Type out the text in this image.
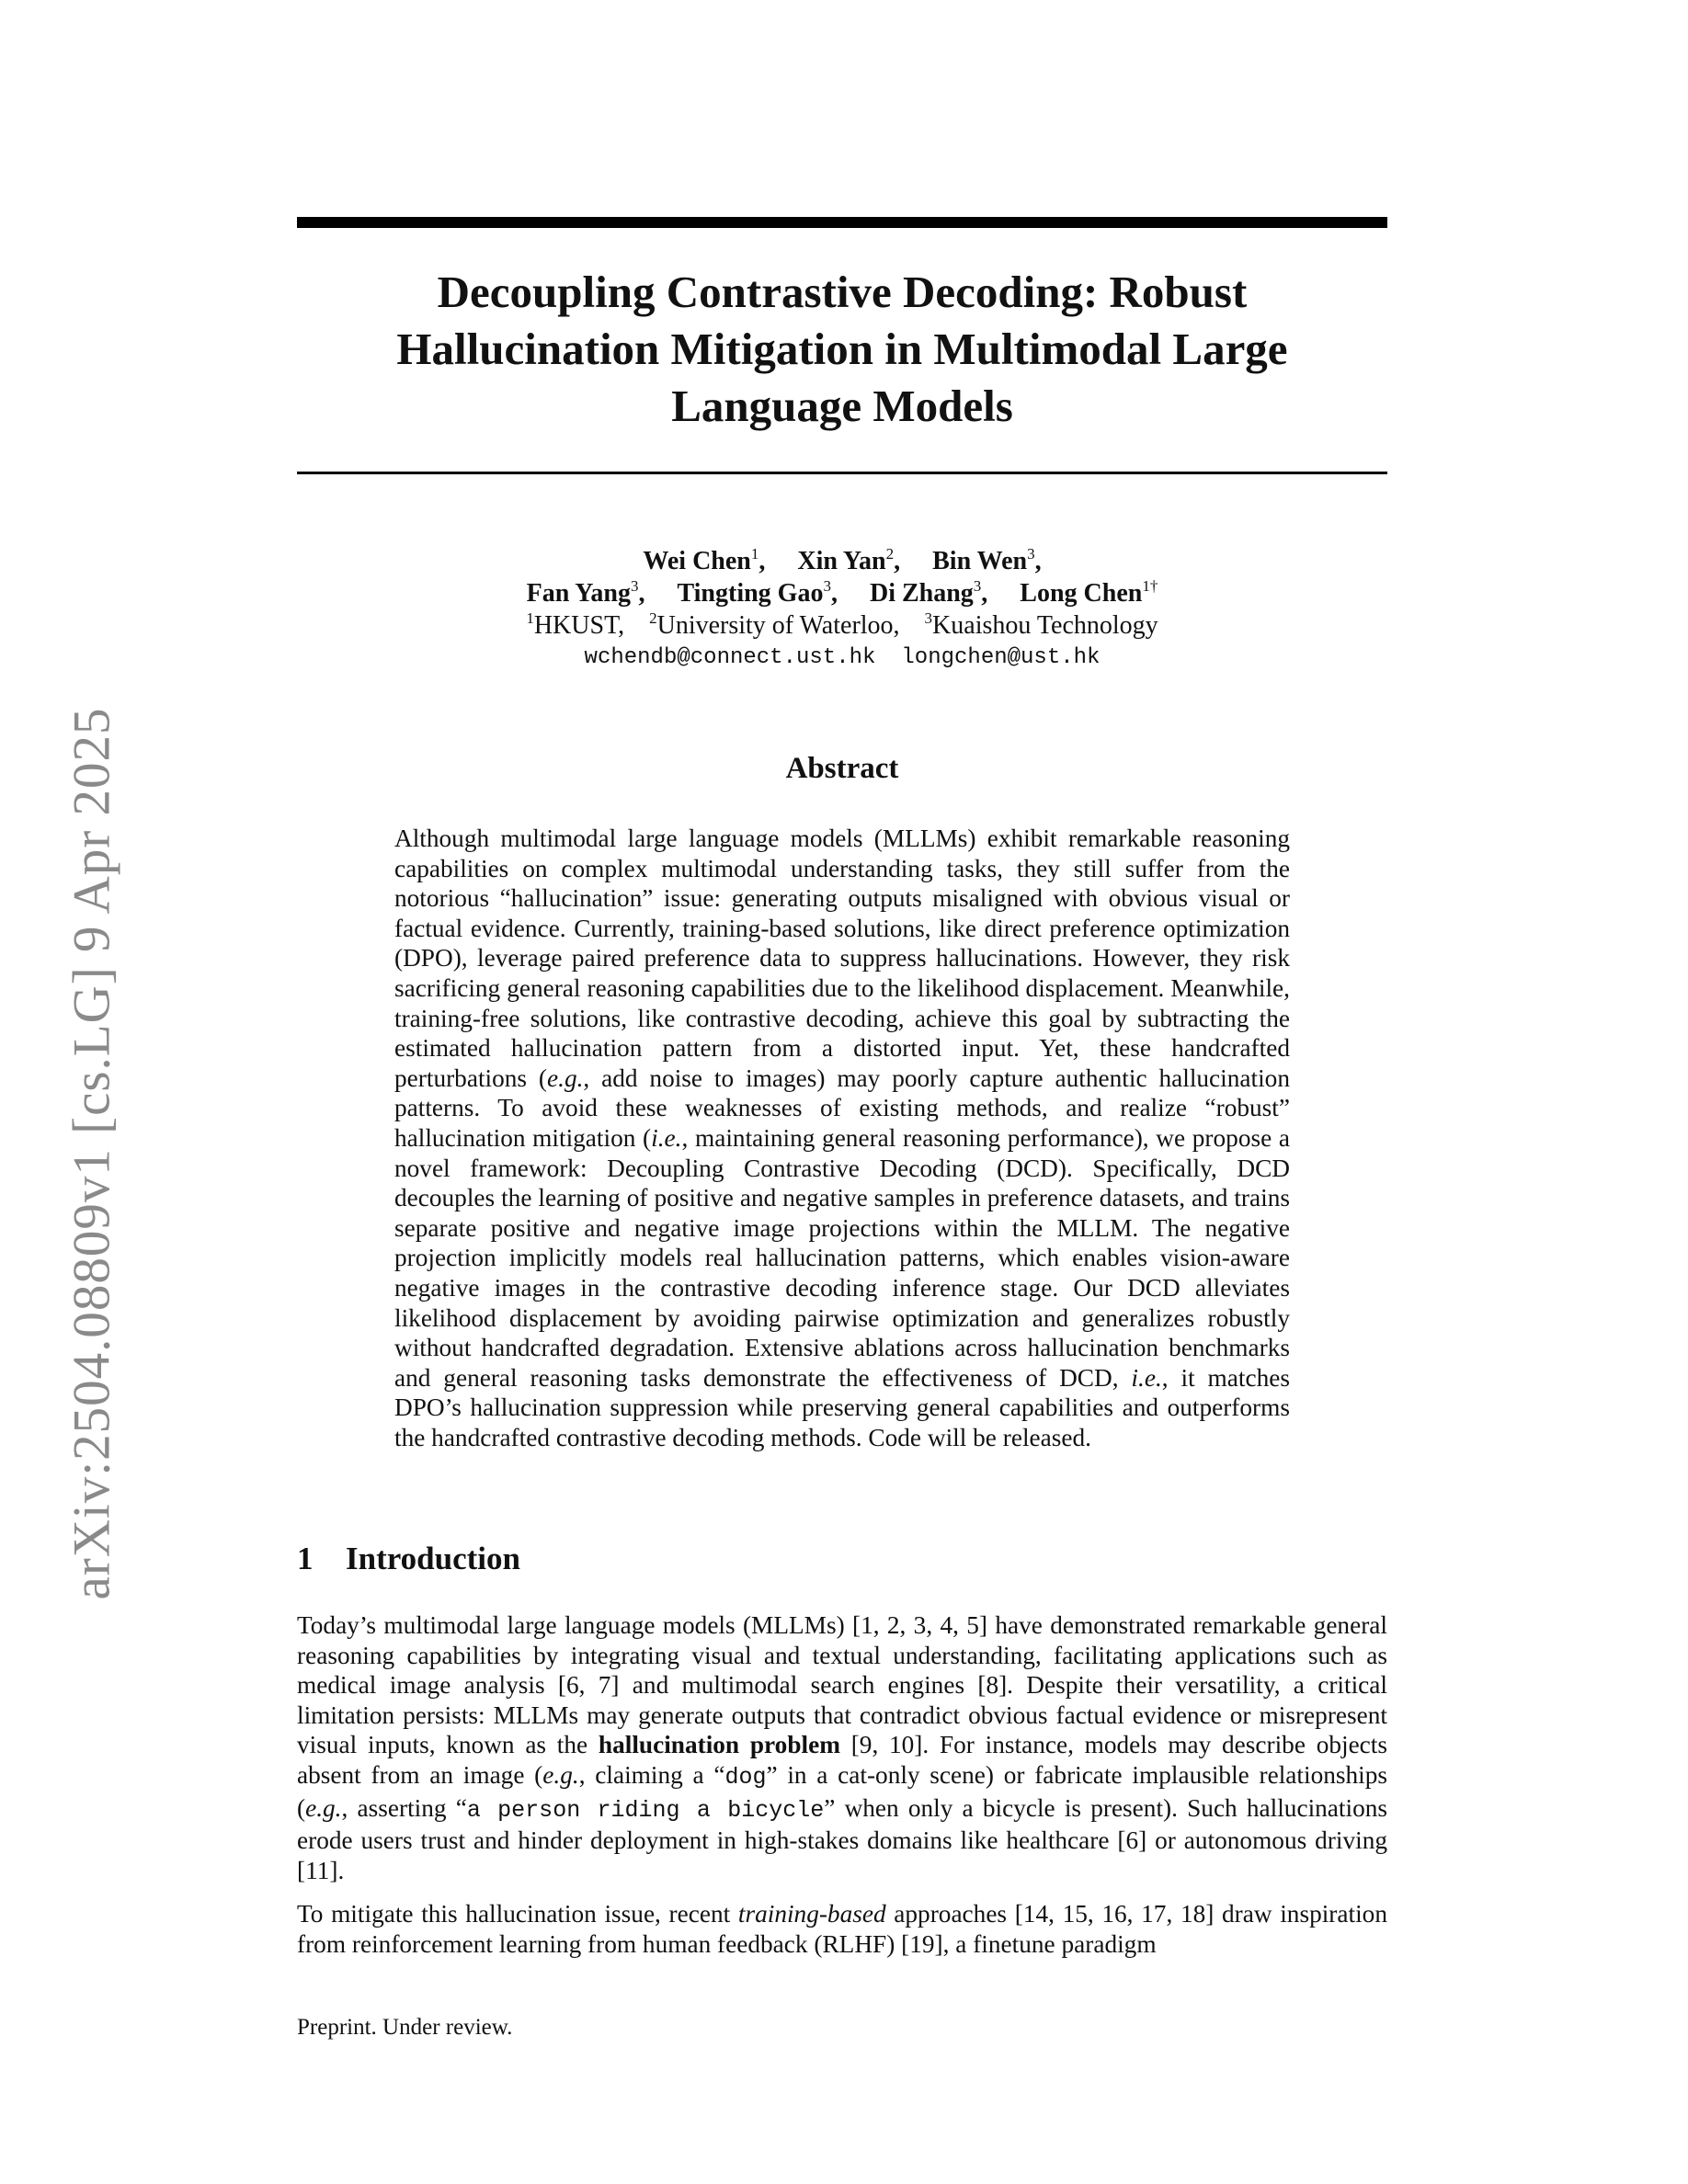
arXiv:2504.08809v1 [cs.LG] 9 Apr 2025
Decoupling Contrastive Decoding: Robust
Hallucination Mitigation in Multimodal Large
Language Models
Wei Chen$^1$, Xin Yan$^2$, Bin Wen$^3$,
Fan Yang$^3$, Tingting Gao$^3$, Di Zhang$^3$, Long Chen$^{1\dagger}$
$^1$HKUST, $^2$University of Waterloo, $^3$Kuaishou Technology
wchendb@connect.ust.hk longchen@ust.hk
Abstract

Although multimodal large language models (MLLMs) exhibit remarkable reasoning capabilities on complex multimodal understanding tasks, they still suffer from the notorious “hallucination” issue: generating outputs misaligned with obvious visual or factual evidence. Currently, training-based solutions, like direct preference optimization (DPO), leverage paired preference data to suppress hallucinations. However, they risk sacrificing general reasoning capabilities due to the likelihood displacement. Meanwhile, training-free solutions, like contrastive decoding, achieve this goal by subtracting the estimated hallucination pattern from a distorted input. Yet, these handcrafted perturbations (e.g., add noise to images) may poorly capture authentic hallucination patterns. To avoid these weaknesses of existing methods, and realize “robust” hallucination mitigation (i.e., maintaining general reasoning performance), we propose a novel framework: Decoupling Contrastive Decoding (DCD). Specifically, DCD decouples the learning of positive and negative samples in preference datasets, and trains separate positive and negative image projections within the MLLM. The negative projection implicitly models real hallucination patterns, which enables vision-aware negative images in the contrastive decoding inference stage. Our DCD alleviates likelihood displacement by avoiding pairwise optimization and generalizes robustly without handcrafted degradation. Extensive ablations across hallucination benchmarks and general reasoning tasks demonstrate the effectiveness of DCD, i.e., it matches DPO’s hallucination suppression while preserving general capabilities and outperforms the handcrafted contrastive decoding methods. Code will be released.

1 Introduction

Today’s multimodal large language models (MLLMs) [1, 2, 3, 4, 5] have demonstrated remarkable general reasoning capabilities by integrating visual and textual understanding, facilitating applications such as medical image analysis [6, 7] and multimodal search engines [8]. Despite their versatility, a critical limitation persists: MLLMs may generate outputs that contradict obvious factual evidence or misrepresent visual inputs, known as the hallucination problem [9, 10]. For instance, models may describe objects absent from an image (e.g., claiming a “dog” in a cat-only scene) or fabricate implausible relationships (e.g., asserting “a person riding a bicycle” when only a bicycle is present). Such hallucinations erode users trust and hinder deployment in high-stakes domains like healthcare [6] or autonomous driving [11].

To mitigate this hallucination issue, recent training-based approaches [14, 15, 16, 17, 18] draw inspiration from reinforcement learning from human feedback (RLHF) [19], a finetune paradigm

Preprint. Under review.
